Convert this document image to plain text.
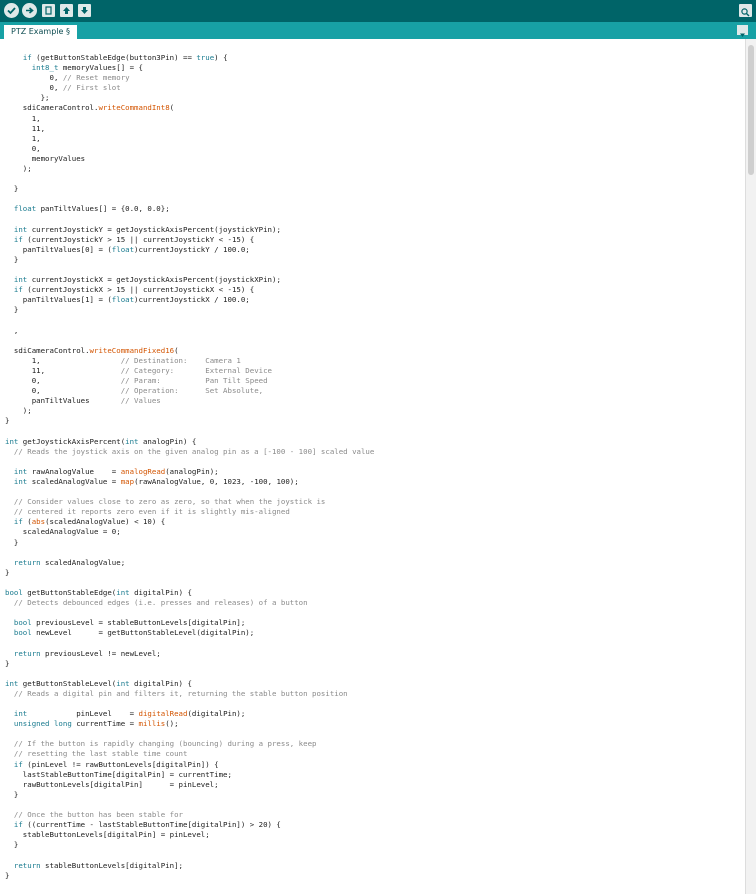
PTZ Example §
if (getButtonStableEdge(button3Pin) == true) {
int8_t memoryValues[] = {
0, // Reset memory
0, // First slot
};
sdiCameraControl.writeCommandInt8(
1,
11,
1,
0,
memoryValues
);

}

float panTiltValues[] = {0.0, 0.0};

int currentJoystickY = getJoystickAxisPercent(joystickYPin);
if (currentJoystickY > 15 || currentJoystickY < -15) {
panTiltValues[0] = (float)currentJoystickY / 100.0;
}

int currentJoystickX = getJoystickAxisPercent(joystickXPin);
if (currentJoystickX > 15 || currentJoystickX < -15) {
panTiltValues[1] = (float)currentJoystickX / 100.0;
}

,

sdiCameraControl.writeCommandFixed16(
1,                  // Destination:    Camera 1
11,                 // Category:       External Device
0,                  // Param:          Pan Tilt Speed
0,                  // Operation:      Set Absolute,
panTiltValues       // Values
);
}

int getJoystickAxisPercent(int analogPin) {
// Reads the joystick axis on the given analog pin as a [-100 - 100] scaled value

int rawAnalogValue    = analogRead(analogPin);
int scaledAnalogValue = map(rawAnalogValue, 0, 1023, -100, 100);

// Consider values close to zero as zero, so that when the joystick is
// centered it reports zero even if it is slightly mis-aligned
if (abs(scaledAnalogValue) < 10) {
scaledAnalogValue = 0;
}

return scaledAnalogValue;
}

bool getButtonStableEdge(int digitalPin) {
// Detects debounced edges (i.e. presses and releases) of a button

bool previousLevel = stableButtonLevels[digitalPin];
bool newLevel      = getButtonStableLevel(digitalPin);

return previousLevel != newLevel;
}

int getButtonStableLevel(int digitalPin) {
// Reads a digital pin and filters it, returning the stable button position

int           pinLevel    = digitalRead(digitalPin);
unsigned long currentTime = millis();

// If the button is rapidly changing (bouncing) during a press, keep
// resetting the last stable time count
if (pinLevel != rawButtonLevels[digitalPin]) {
lastStableButtonTime[digitalPin] = currentTime;
rawButtonLevels[digitalPin]      = pinLevel;
}

// Once the button has been stable for
if ((currentTime - lastStableButtonTime[digitalPin]) > 20) {
stableButtonLevels[digitalPin] = pinLevel;
}

return stableButtonLevels[digitalPin];
}
